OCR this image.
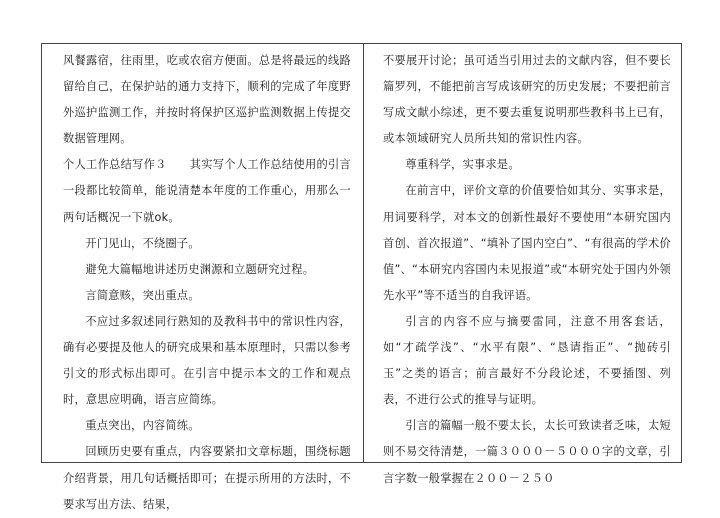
风餐露宿，往雨里，吃或农宿方便面。总是将最远的线路留给自己，在保护站的通力支持下，顺利的完成了年度野外巡护监测工作，并按时将保护区巡护监测数据上传提交数据管理网。

个人工作总结写作３　　其实写个人工作总结使用的引言一段都比较简单，能说清楚本年度的工作重心，用那么一两句话概况一下就ok。

开门见山，不绕圈子。

避免大篇幅地讲述历史渊源和立题研究过程。

言简意赅，突出重点。

不应过多叙述同行熟知的及教科书中的常识性内容，确有必要提及他人的研究成果和基本原理时，只需以参考引文的形式标出即可。在引言中提示本文的工作和观点时，意思应明确，语言应简练。

重点突出，内容简练。

回顾历史要有重点，内容要紧扣文章标题，围绕标题介绍背景，用几句话概括即可；在提示所用的方法时，不要求写出方法、结果，

不要展开讨论；虽可适当引用过去的文献内容，但不要长篇罗列，不能把前言写成该研究的历史发展；不要把前言写成文献小综述，更不要去重复说明那些教科书上已有，或本领域研究人员所共知的常识性内容。

尊重科学，实事求是。

在前言中，评价文章的价值要恰如其分、实事求是，用词要科学，对本文的创新性最好不要使用“本研究国内首创、首次报道”、“填补了国内空白”、“有很高的学术价值”、“本研究内容国内未见报道”或“本研究处于国内外领先水平”等不适当的自我评语。

引言的内容不应与摘要雷同，注意不用客套话，如“才疏学浅”、“水平有限”、“恳请指正”、“抛砖引玉”之类的语言；前言最好不分段论述，不要插图、列表，不进行公式的推导与证明。

引言的篇幅一般不要太长，太长可致读者乏味，太短则不易交待清楚，一篇３０００－５０００字的文章，引言字数一般掌握在２００－２５０
